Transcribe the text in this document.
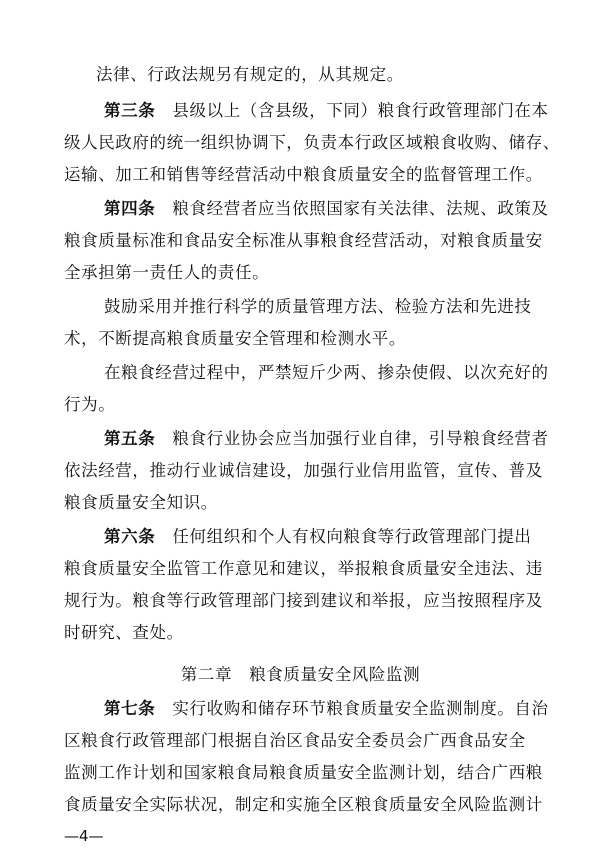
法律、行政法规另有规定的，从其规定。
第三条　 县级以上（含县级，下同）粮食行政管理部门在本
级人民政府的统一组织协调下，负责本行政区域粮食收购、储存、
运输、加工和销售等经营活动中粮食质量安全的监督管理工作。
第四条　 粮食经营者应当依照国家有关法律、法规、政策及
粮食质量标准和食品安全标准从事粮食经营活动，对粮食质量安
全承担第一责任人的责任。
鼓励采用并推行科学的质量管理方法、检验方法和先进技
术，不断提高粮食质量安全管理和检测水平。
在粮食经营过程中，严禁短斤少两、掺杂使假、以次充好的
行为。
第五条　 粮食行业协会应当加强行业自律，引导粮食经营者
依法经营，推动行业诚信建设，加强行业信用监管，宣传、普及
粮食质量安全知识。
第六条　 任何组织和个人有权向粮食等行政管理部门提出
粮食质量安全监管工作意见和建议，举报粮食质量安全违法、违
规行为。粮食等行政管理部门接到建议和举报，应当按照程序及
时研究、查处。
第二章　粮食质量安全风险监测
第七条　 实行收购和储存环节粮食质量安全监测制度。自治
区粮食行政管理部门根据自治区食品安全委员会广西食品安全
监测工作计划和国家粮食局粮食质量安全监测计划，结合广西粮
食质量安全实际状况，制定和实施全区粮食质量安全风险监测计
—4—
